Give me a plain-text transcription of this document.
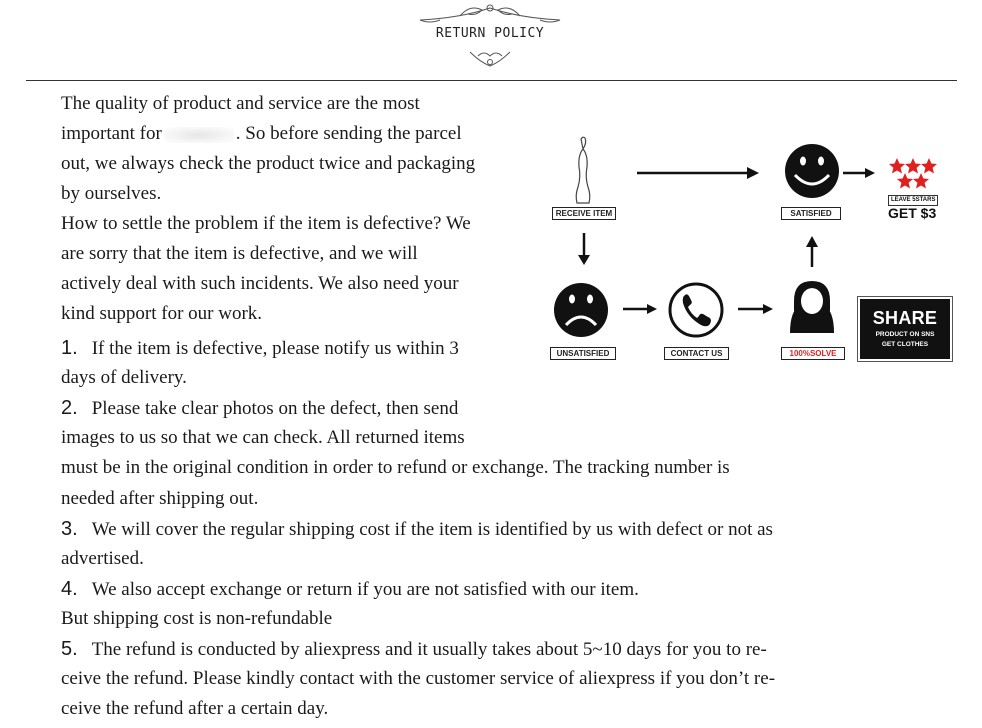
RETURN POLICY
The quality of product and service are the most
important for	. So before sending the parcel
out, we always check the product twice and packaging
by ourselves.
How to settle the problem if the item is defective? We
are sorry that the item is defective, and we will
actively deal with such incidents. We also need your
kind support for our work.
1. If the item is defective, please notify us within 3
days of delivery.
2. Please take clear photos on the defect, then send
images to us so that we can check. All returned items
must be in the original condition in order to refund or exchange. The tracking number is
needed after shipping out.
3. We will cover the regular shipping cost if the item is identified by us with defect or not as
advertised.
4. We also accept exchange or return if you are not satisfied with our item.
But shipping cost is non-refundable
5. The refund is conducted by aliexpress and it usually takes about 5~10 days for you to re-
ceive the refund. Please kindly contact with the customer service of aliexpress if you don’t re-
ceive the refund after a certain day.
RECEIVE ITEM	SATISFIED
LEAVE 5STARS
GET $3
UNSATISFIED	CONTACT US	100%SOLVE
SHARE
PRODUCT ON SNS
GET CLOTHES
